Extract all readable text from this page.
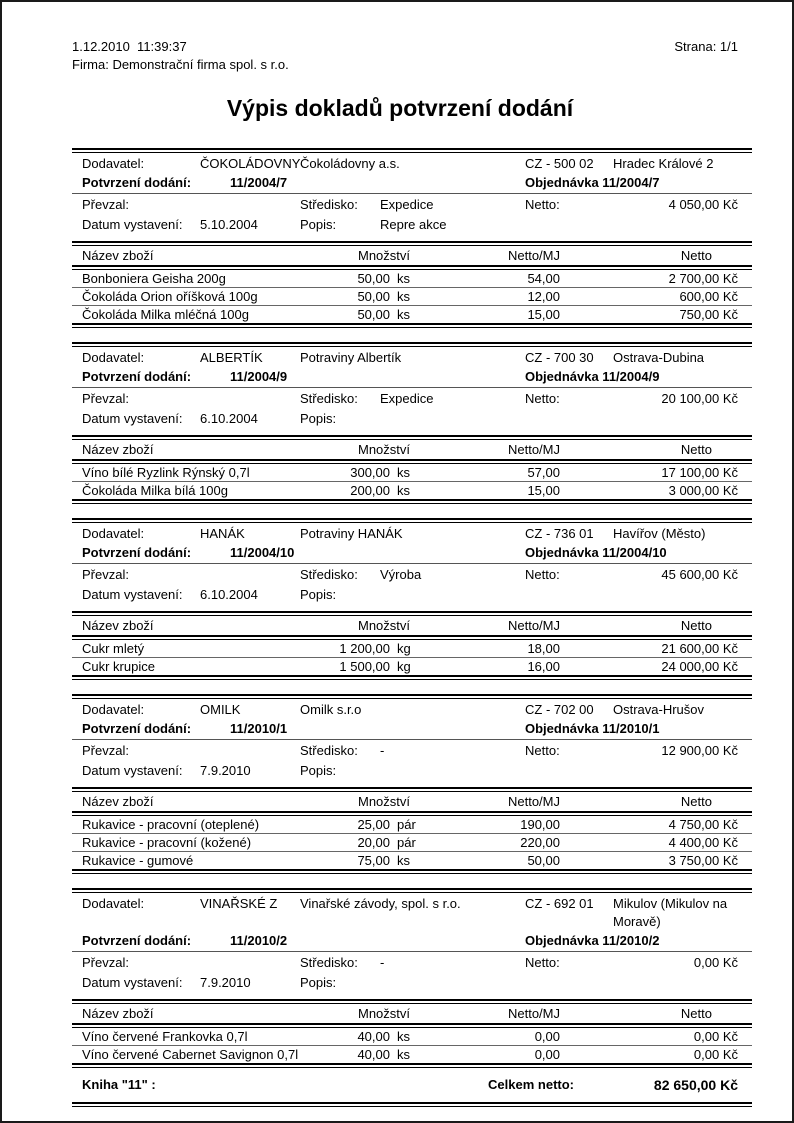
1.12.2010  11:39:37
Firma: Demonstrační firma spol. s r.o.
Strana: 1/1
Výpis dokladů potvrzení dodání
Dodavatel:	ČOKOLÁDOVNY Čokoládovny a.s.	CZ - 500 02	Hradec Králové 2
Potvrzení dodání:	11/2004/7	Objednávka 11/2004/7
Převzal:	Středisko:	Expedice	Netto:	4 050,00 Kč
Datum vystavení:	5.10.2004	Popis:	Repre akce
Název zboží	Množství	Netto/MJ	Netto
Bonboniera Geisha 200g	50,00 ks	54,00	2 700,00 Kč
Čokoláda Orion oříšková 100g	50,00 ks	12,00	600,00 Kč
Čokoláda Milka mléčná 100g	50,00 ks	15,00	750,00 Kč
Dodavatel:	ALBERTÍK	Potraviny Albertík	CZ - 700 30	Ostrava-Dubina
Potvrzení dodání:	11/2004/9	Objednávka 11/2004/9
Převzal:	Středisko:	Expedice	Netto:	20 100,00 Kč
Datum vystavení:	6.10.2004	Popis:
Název zboží	Množství	Netto/MJ	Netto
Víno bílé Ryzlink Rýnský 0,7l	300,00 ks	57,00	17 100,00 Kč
Čokoláda Milka bílá 100g	200,00 ks	15,00	3 000,00 Kč
Dodavatel:	HANÁK	Potraviny HANÁK	CZ - 736 01	Havířov (Město)
Potvrzení dodání:	11/2004/10	Objednávka 11/2004/10
Převzal:	Středisko:	Výroba	Netto:	45 600,00 Kč
Datum vystavení:	6.10.2004	Popis:
Název zboží	Množství	Netto/MJ	Netto
Cukr mletý	1 200,00 kg	18,00	21 600,00 Kč
Cukr krupice	1 500,00 kg	16,00	24 000,00 Kč
Dodavatel:	OMILK	Omilk s.r.o	CZ - 702 00	Ostrava-Hrušov
Potvrzení dodání:	11/2010/1	Objednávka 11/2010/1
Převzal:	Středisko:	-	Netto:	12 900,00 Kč
Datum vystavení:	7.9.2010	Popis:
Název zboží	Množství	Netto/MJ	Netto
Rukavice - pracovní (oteplené)	25,00 pár	190,00	4 750,00 Kč
Rukavice - pracovní (kožené)	20,00 pár	220,00	4 400,00 Kč
Rukavice - gumové	75,00 ks	50,00	3 750,00 Kč
Dodavatel:	VINAŘSKÉ Z	Vinařské závody, spol. s r.o.	CZ - 692 01	Mikulov (Mikulov na Moravě)
Potvrzení dodání:	11/2010/2	Objednávka 11/2010/2
Převzal:	Středisko:	-	Netto:	0,00 Kč
Datum vystavení:	7.9.2010	Popis:
Název zboží	Množství	Netto/MJ	Netto
Víno červené Frankovka 0,7l	40,00 ks	0,00	0,00 Kč
Víno červené Cabernet Savignon 0,7l	40,00 ks	0,00	0,00 Kč
Kniha "11" :	Celkem netto:	82 650,00 Kč
